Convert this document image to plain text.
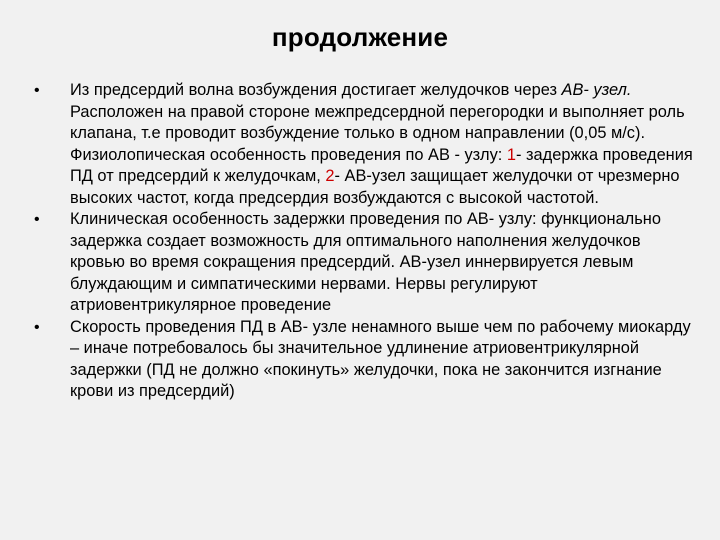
продолжение
• Из предсердий волна возбуждения достигает желудочков через АВ- узел. Расположен на правой стороне межпредсердной перегородки и выполняет роль клапана, т.е проводит возбуждение только в одном направлении (0,05 м/с). Физиолопическая особенность проведения по АВ - узлу: 1- задержка проведения ПД от предсердий к желудочкам, 2- АВ-узел защищает желудочки от чрезмерно высоких частот, когда предсердия возбуждаются с высокой частотой.
• Клиническая особенность задержки проведения по АВ- узлу: функционально задержка создает возможность для оптимального наполнения желудочков кровью во время сокращения предсердий. АВ-узел иннервируется левым блуждающим и симпатическими нервами. Нервы регулируют атриовентрикулярное проведение
• Скорость проведения ПД в АВ- узле ненамного выше чем по рабочему миокарду – иначе потребовалось бы значительное удлинение атриовентрикулярной задержки (ПД не должно «покинуть» желудочки, пока не закончится изгнание крови из предсердий)
